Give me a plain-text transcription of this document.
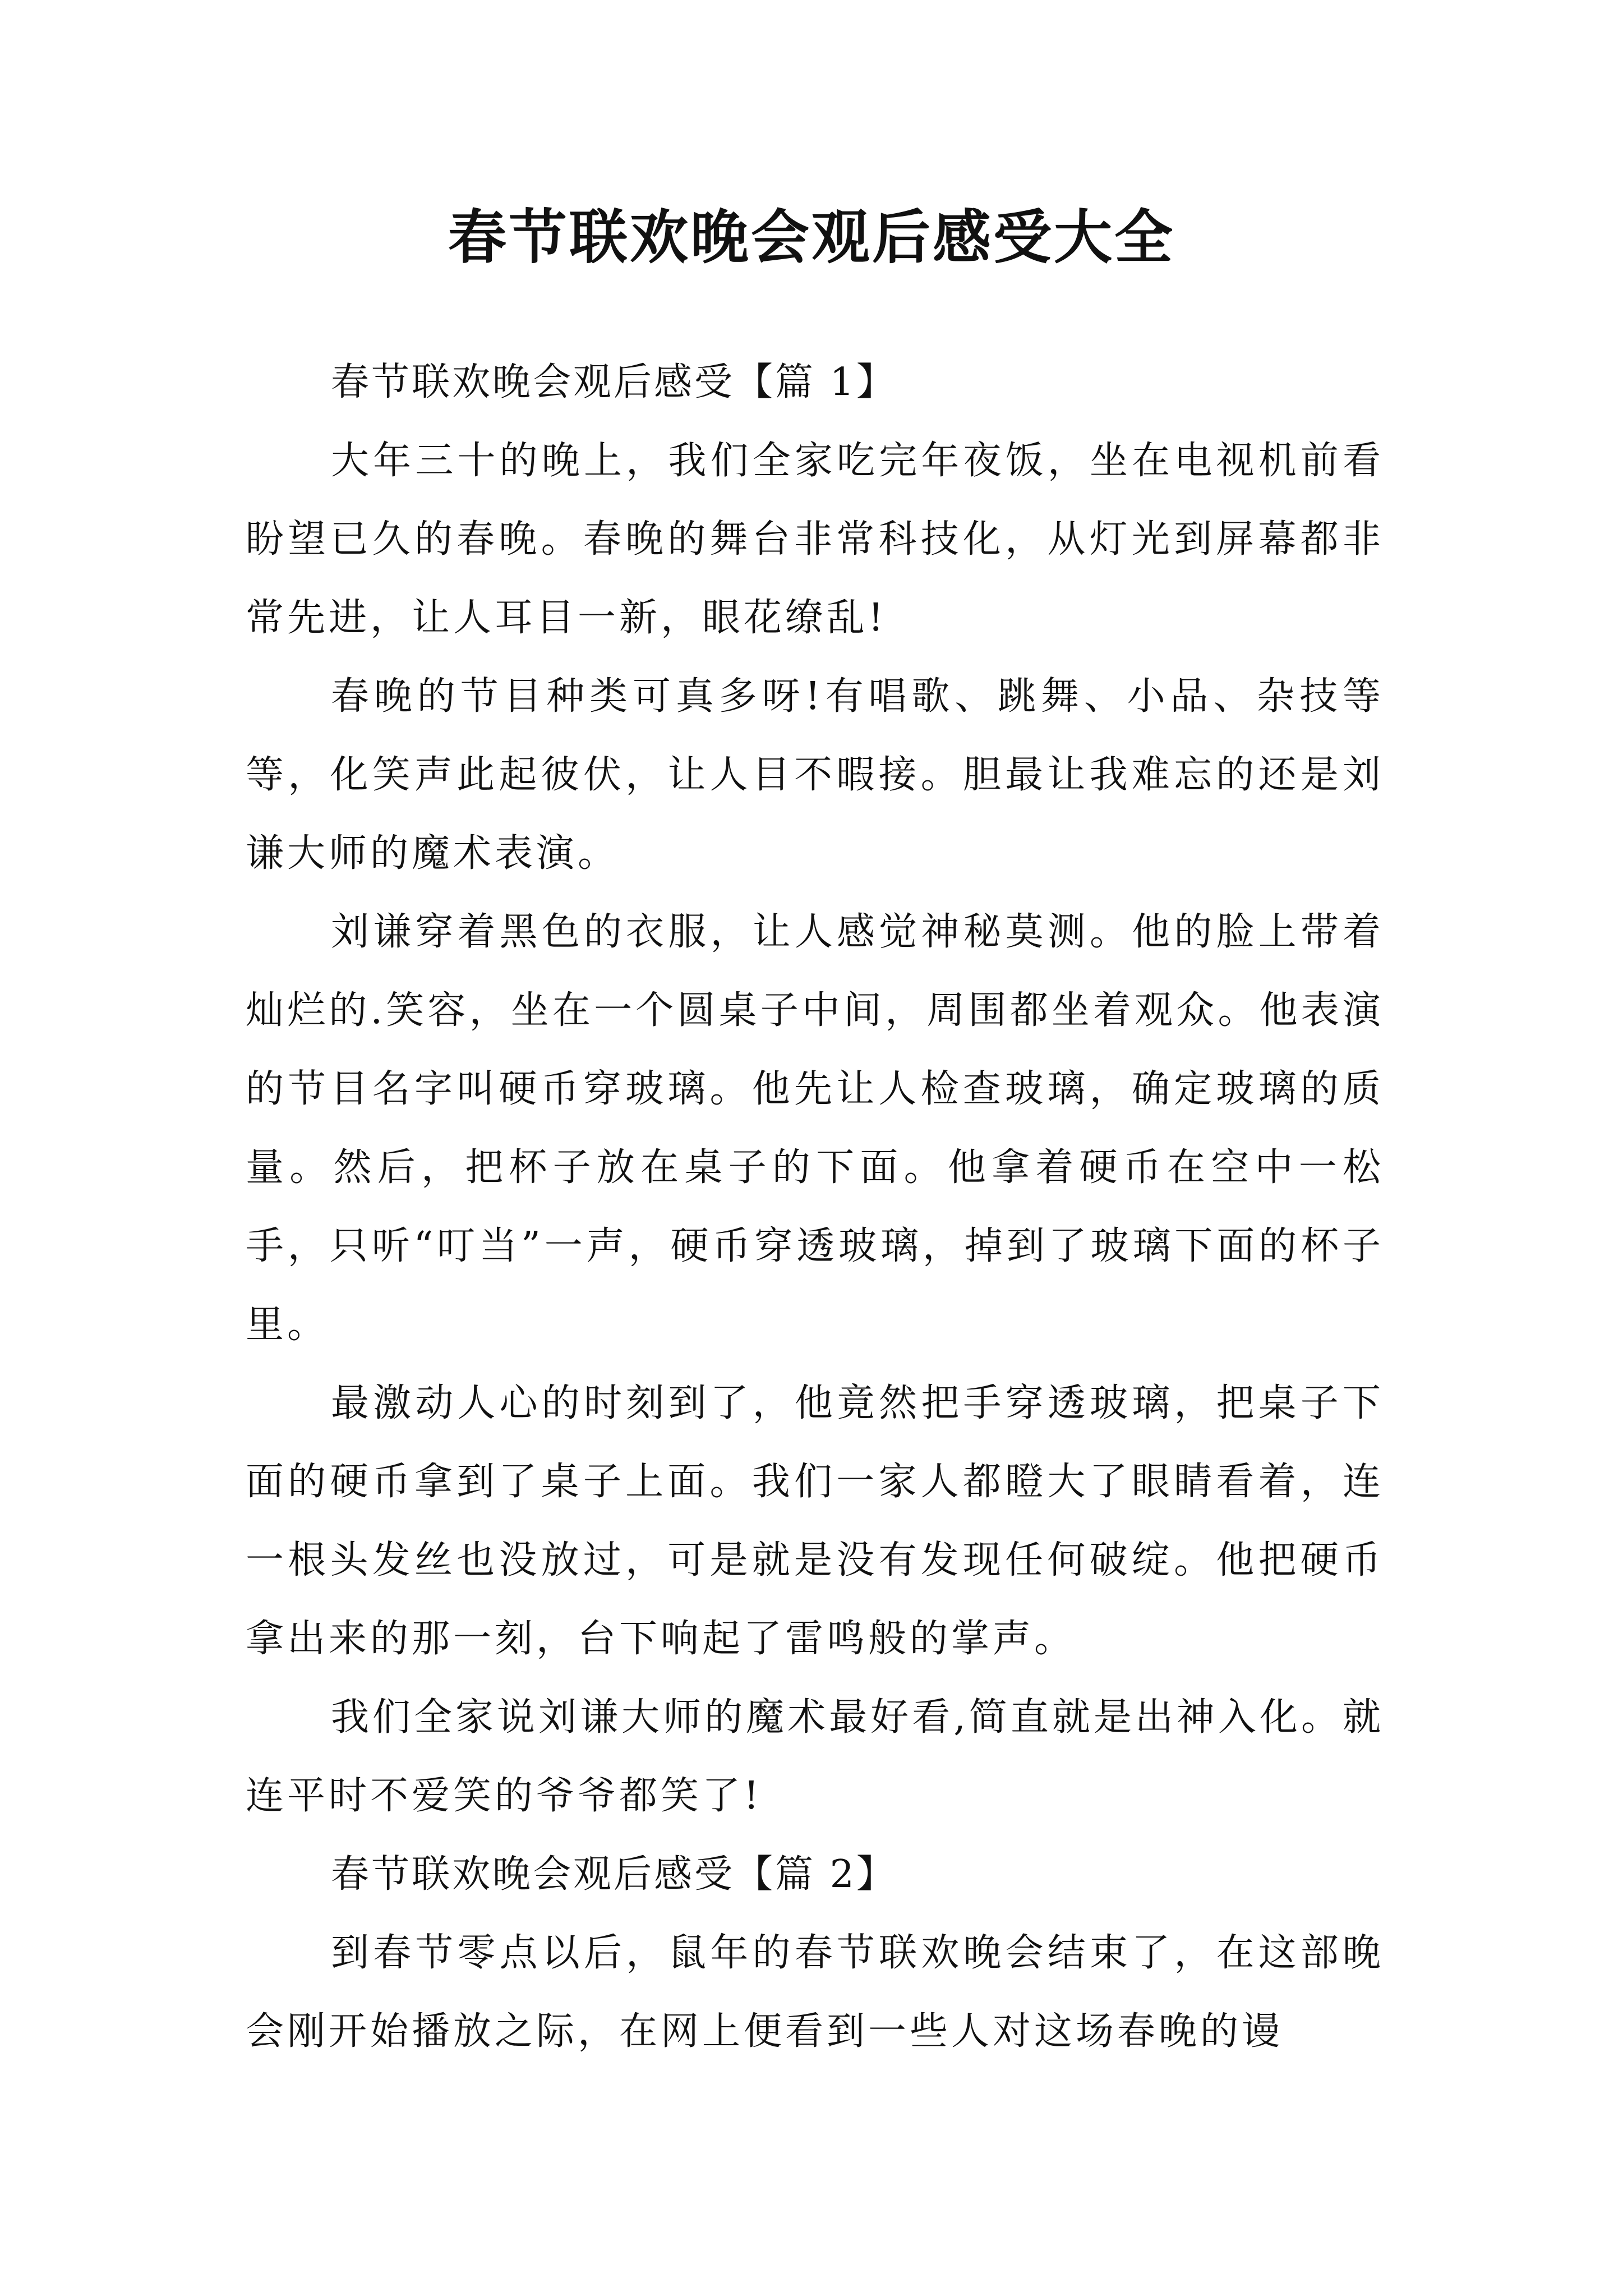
春节联欢晚会观后感受大全

春节联欢晚会观后感受【篇 1】

大年三十的晚上，我们全家吃完年夜饭，坐在电视机前看盼望已久的春晚。春晚的舞台非常科技化，从灯光到屏幕都非常先进，让人耳目一新，眼花缭乱!

春晚的节目种类可真多呀!有唱歌、跳舞、小品、杂技等等，化笑声此起彼伏，让人目不暇接。胆最让我难忘的还是刘谦大师的魔术表演。

刘谦穿着黑色的衣服，让人感觉神秘莫测。他的脸上带着灿烂的.笑容，坐在一个圆桌子中间，周围都坐着观众。他表演的节目名字叫硬币穿玻璃。他先让人检查玻璃，确定玻璃的质量。然后，把杯子放在桌子的下面。他拿着硬币在空中一松手，只听“叮当”一声，硬币穿透玻璃，掉到了玻璃下面的杯子里。

最激动人心的时刻到了，他竟然把手穿透玻璃，把桌子下面的硬币拿到了桌子上面。我们一家人都瞪大了眼睛看着，连一根头发丝也没放过，可是就是没有发现任何破绽。他把硬币拿出来的那一刻，台下响起了雷鸣般的掌声。

我们全家说刘谦大师的魔术最好看,简直就是出神入化。就连平时不爱笑的爷爷都笑了!

春节联欢晚会观后感受【篇 2】

到春节零点以后，鼠年的春节联欢晚会结束了，在这部晚会刚开始播放之际，在网上便看到一些人对这场春晚的谩
